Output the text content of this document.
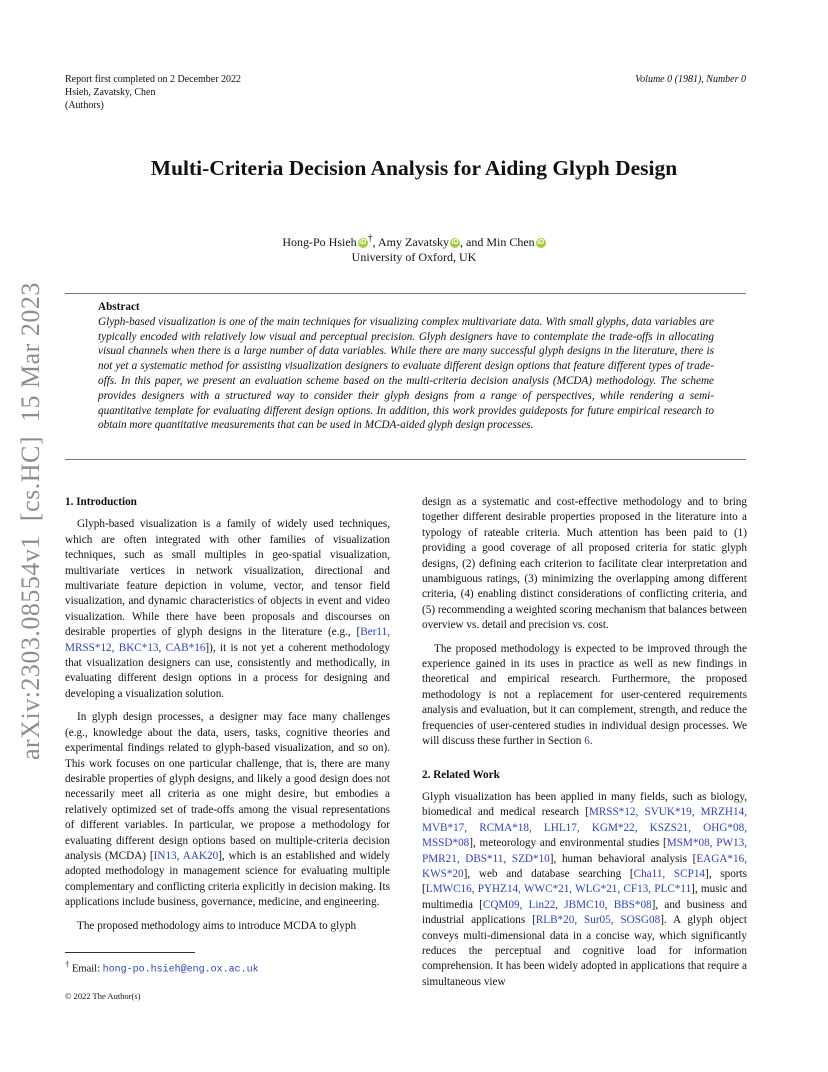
Report first completed on 2 December 2022
Hsieh, Zavatsky, Chen
(Authors)
Volume 0 (1981), Number 0
arXiv:2303.08554v1[cs.HC]15 Mar 2023
Multi-Criteria Decision Analysis for Aiding Glyph Design
Hong-Po Hsieh iD †, Amy Zavatsky iD , and Min Chen iD
University of Oxford, UK
Abstract
Glyph-based visualization is one of the main techniques for visualizing complex multivariate data. With small glyphs, data variables are typically encoded with relatively low visual and perceptual precision. Glyph designers have to contemplate the trade-offs in allocating visual channels when there is a large number of data variables. While there are many successful glyph designs in the literature, there is not yet a systematic method for assisting visualization designers to evaluate different design options that feature different types of trade-offs. In this paper, we present an evaluation scheme based on the multi-criteria decision analysis (MCDA) methodology. The scheme provides designers with a structured way to consider their glyph designs from a range of perspectives, while rendering a semi-quantitative template for evaluating different design options. In addition, this work provides guideposts for future empirical research to obtain more quantitative measurements that can be used in MCDA-aided glyph design processes.
1. Introduction

Glyph-based visualization is a family of widely used techniques, which are often integrated with other families of visualization techniques, such as small multiples in geo-spatial visualization, multivariate vertices in network visualization, directional and multivariate feature depiction in volume, vector, and tensor field visualization, and dynamic characteristics of objects in event and video visualization. While there have been proposals and discourses on desirable properties of glyph designs in the literature (e.g., [Ber11, MRSS*12, BKC*13, CAB*16]), it is not yet a coherent methodology that visualization designers can use, consistently and methodically, in evaluating different design options in a process for designing and developing a visualization solution.

In glyph design processes, a designer may face many challenges (e.g., knowledge about the data, users, tasks, cognitive theories and experimental findings related to glyph-based visualization, and so on). This work focuses on one particular challenge, that is, there are many desirable properties of glyph designs, and likely a good design does not necessarily meet all criteria as one might desire, but embodies a relatively optimized set of trade-offs among the visual representations of different variables. In particular, we propose a methodology for evaluating different design options based on multiple-criteria decision analysis (MCDA) [IN13, AAK20], which is an established and widely adopted methodology in management science for evaluating multiple complementary and conflicting criteria explicitly in decision making. Its applications include business, governance, medicine, and engineering.

The proposed methodology aims to introduce MCDA to glyph

design as a systematic and cost-effective methodology and to bring together different desirable properties proposed in the literature into a typology of rateable criteria. Much attention has been paid to (1) providing a good coverage of all proposed criteria for static glyph designs, (2) defining each criterion to facilitate clear interpretation and unambiguous ratings, (3) minimizing the overlapping among different criteria, (4) enabling distinct considerations of conflicting criteria, and (5) recommending a weighted scoring mechanism that balances between overview vs. detail and precision vs. cost.

The proposed methodology is expected to be improved through the experience gained in its uses in practice as well as new findings in theoretical and empirical research. Furthermore, the proposed methodology is not a replacement for user-centered requirements analysis and evaluation, but it can complement, strength, and reduce the frequencies of user-centered studies in individual design processes. We will discuss these further in Section 6.

2. Related Work

Glyph visualization has been applied in many fields, such as biology, biomedical and medical research [MRSS*12, SVUK*19, MRZH14, MVB*17, RCMA*18, LHL17, KGM*22, KSZS21, OHG*08, MSSD*08], meteorology and environmental studies [MSM*08, PW13, PMR21, DBS*11, SZD*10], human behavioral analysis [EAGA*16, KWS*20], web and database searching [Cha11, SCP14], sports [LMWC16, PYHZ14, WWC*21, WLG*21, CF13, PLC*11], music and multimedia [CQM09, Lin22, JBMC10, BBS*08], and business and industrial applications [RLB*20, Sur05, SOSG08]. A glyph object conveys multi-dimensional data in a concise way, which significantly reduces the perceptual and cognitive load for information comprehension. It has been widely adopted in applications that require a simultaneous view

† Email: hong-po.hsieh@eng.ox.ac.uk
© 2022 The Author(s)
